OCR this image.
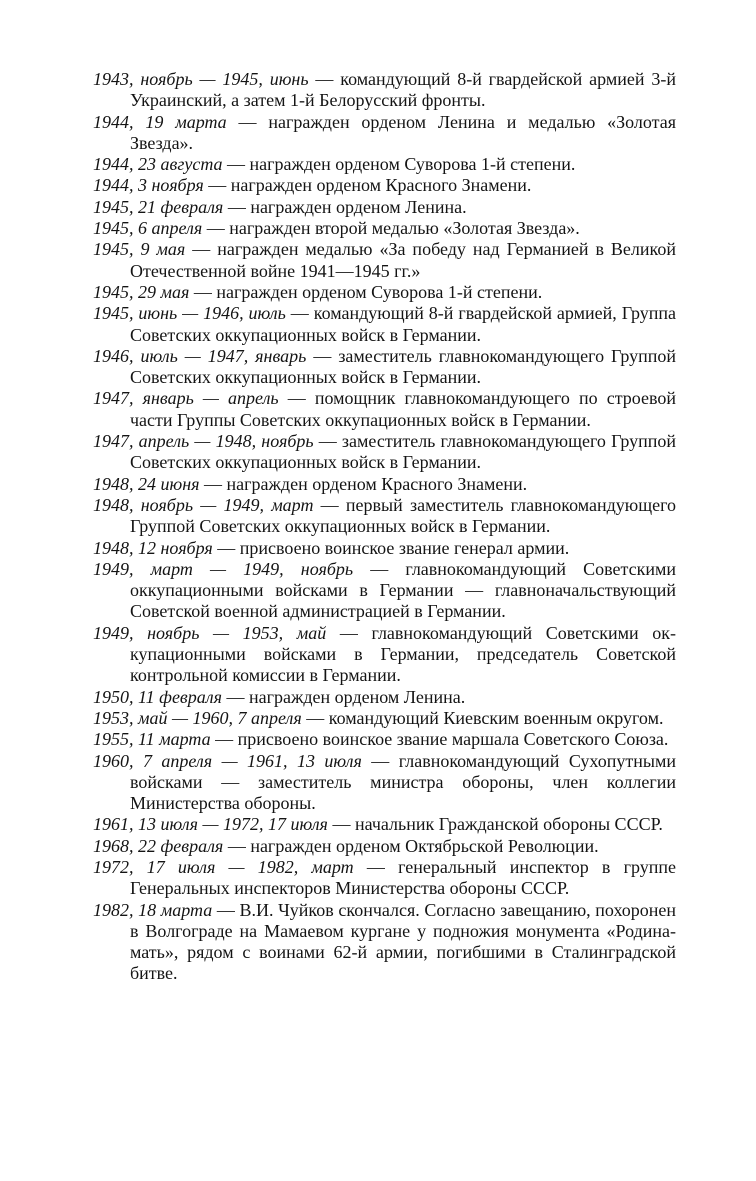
1943, ноябрь — 1945, июнь — командующий 8-й гвардейской армией 3-й Украинский, а затем 1-й Белорусский фронты.

1944, 19 марта — награжден орденом Ленина и медалью «Золотая Звезда».

1944, 23 августа — награжден орденом Суворова 1-й степени.

1944, 3 ноября — награжден орденом Красного Знамени.

1945, 21 февраля — награжден орденом Ленина.

1945, 6 апреля — награжден второй медалью «Золотая Звезда».

1945, 9 мая — награжден медалью «За победу над Германией в Великой Отечественной войне 1941—1945 гг.»

1945, 29 мая — награжден орденом Суворова 1-й степени.

1945, июнь — 1946, июль — командующий 8-й гвардейской армией, Группа Советских оккупационных войск в Германии.

1946, июль — 1947, январь — заместитель главнокомандующего Группой Советских оккупационных войск в Германии.

1947, январь — апрель — помощник главнокомандующего по строевой части Группы Советских оккупационных войск в Германии.

1947, апрель — 1948, ноябрь — заместитель главнокомандующего Группой Советских оккупационных войск в Германии.

1948, 24 июня — награжден орденом Красного Знамени.

1948, ноябрь — 1949, март — первый заместитель главнокомандующего Группой Советских оккупационных войск в Германии.

1948, 12 ноября — присвоено воинское звание генерал армии.

1949, март — 1949, ноябрь — главнокомандующий Советскими оккупационными войсками в Германии — главноначальствующий Советской военной администрацией в Германии.

1949, ноябрь — 1953, май — главнокомандующий Советскими оккупационными войсками в Германии, председатель Советской контрольной комиссии в Германии.

1950, 11 февраля — награжден орденом Ленина.

1953, май — 1960, 7 апреля — командующий Киевским военным округом.

1955, 11 марта — присвоено воинское звание маршала Советского Союза.

1960, 7 апреля — 1961, 13 июля — главнокомандующий Сухопутными войсками — заместитель министра обороны, член коллегии Министерства обороны.

1961, 13 июля — 1972, 17 июля — начальник Гражданской обороны СССР.

1968, 22 февраля — награжден орденом Октябрьской Революции.

1972, 17 июля — 1982, март — генеральный инспектор в группе Генеральных инспекторов Министерства обороны СССР.

1982, 18 марта — В.И. Чуйков скончался. Согласно завещанию, похоронен в Волгограде на Мамаевом кургане у подножия монумента «Родина-мать», рядом с воинами 62-й армии, погибшими в Сталинградской битве.
